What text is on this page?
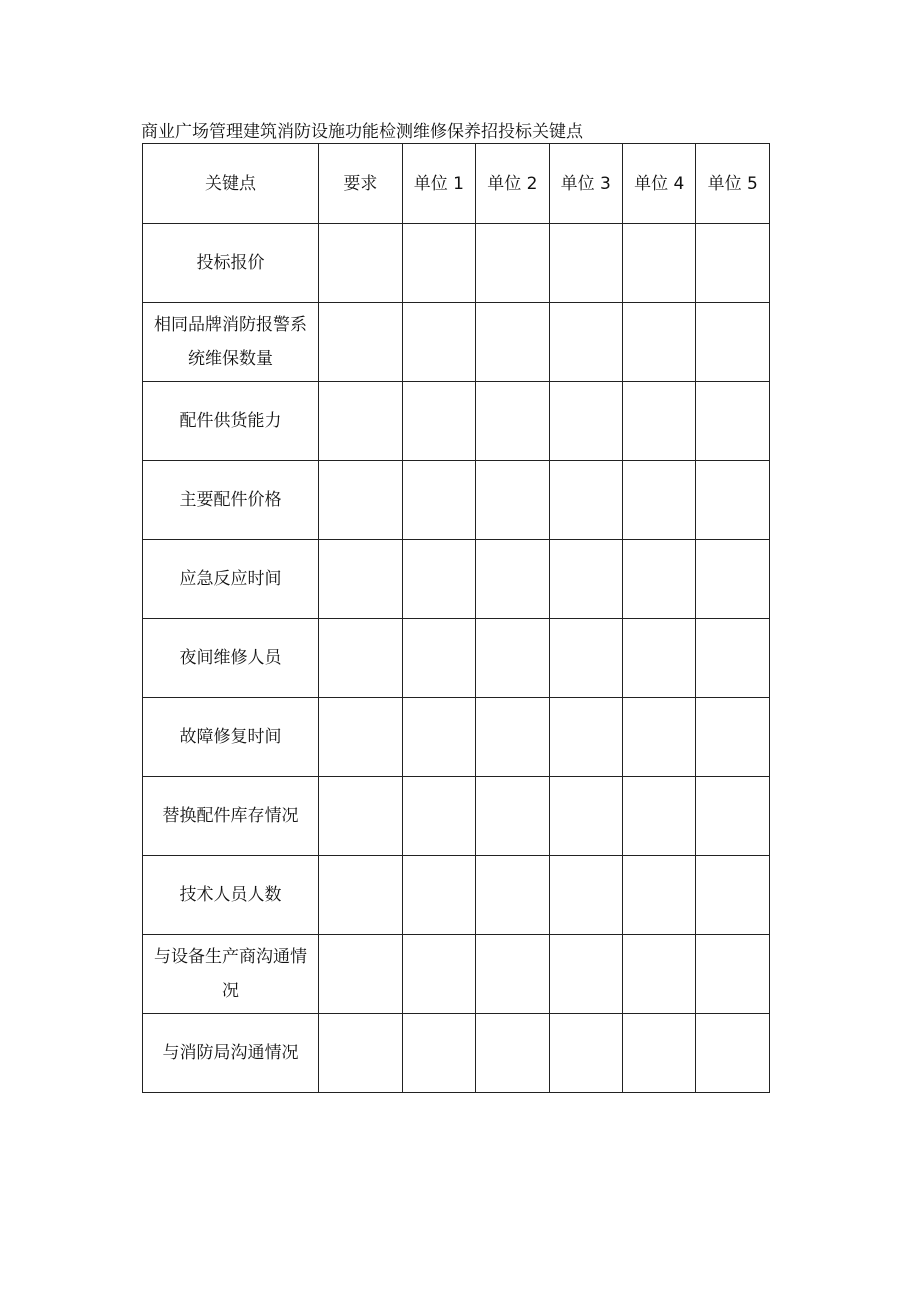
商业广场管理建筑消防设施功能检测维修保养招投标关键点
关键点	要求	单位 1	单位 2	单位 3	单位 4	单位 5
投标报价						
相同品牌消防报警系统维保数量						
配件供货能力						
主要配件价格						
应急反应时间						
夜间维修人员						
故障修复时间						
替换配件库存情况						
技术人员人数						
与设备生产商沟通情况						
与消防局沟通情况						
